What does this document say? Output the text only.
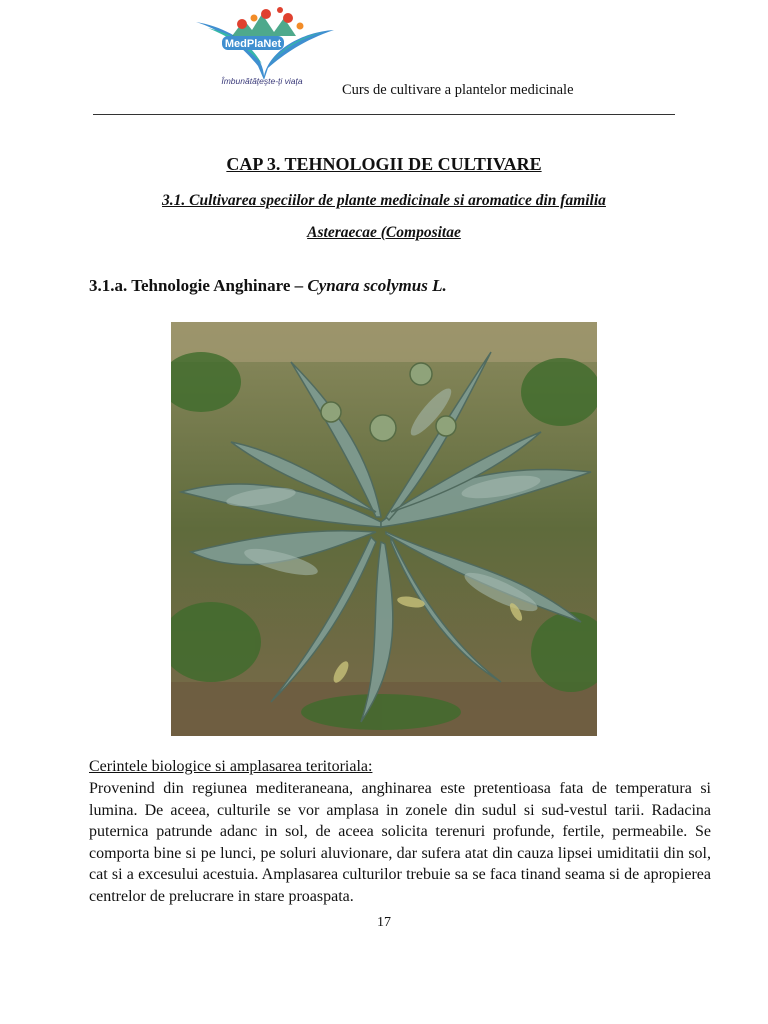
MedPlaNet
Îmbunătăţeşte-ţi viaţa
Curs de cultivare a plantelor medicinale
CAP 3. TEHNOLOGII DE CULTIVARE
3.1. Cultivarea speciilor de plante medicinale si aromatice din familia
Asteraecae (Compositae
3.1.a. Tehnologie Anghinare – Cynara scolymus L.
Cerintele biologice si amplasarea teritoriala:

Provenind din regiunea mediteraneana, anghinarea este pretentioasa fata de temperatura si lumina. De aceea, culturile se vor amplasa in zonele din sudul si sud-vestul tarii. Radacina puternica patrunde adanc in sol, de aceea solicita terenuri profunde, fertile, permeabile. Se comporta bine si pe lunci, pe soluri aluvionare, dar sufera atat din cauza lipsei umiditatii din sol, cat si a excesului acestuia. Amplasarea culturilor trebuie sa se faca tinand seama si de apropierea centrelor de prelucrare in stare proaspata.

17
